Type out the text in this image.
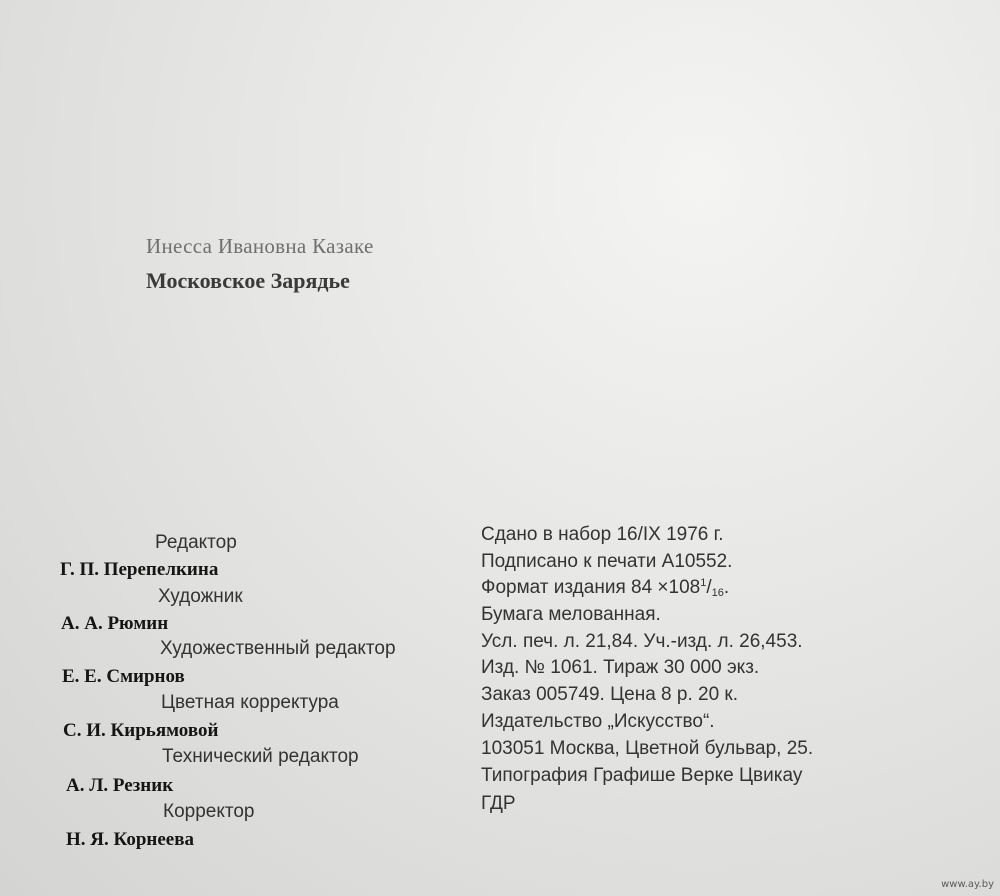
Инесса Ивановна Казаке
Московское Зарядье
Редактор
Г. П. Перепелкина
Художник
А. А. Рюмин
Художественный редактор
Е. Е. Смирнов
Цветная корректура
С. И. Кирьямовой
Технический редактор
А. Л. Резник
Корректор
Н. Я. Корнеева
Сдано в набор 16/IX 1976 г.
Подписано к печати А10552.
Формат издания $84 \times 108^1/_{16}$.
Бумага мелованная.
Усл. печ. л. 21,84. Уч.-изд. л. 26,453.
Изд. № 1061. Тираж 30 000 экз.
Заказ 005749. Цена 8 р. 20 к.
Издательство „Искусство“.
103051 Москва, Цветной бульвар, 25.
Типография Графише Верке Цвикау
ГДР
www.ay.by
